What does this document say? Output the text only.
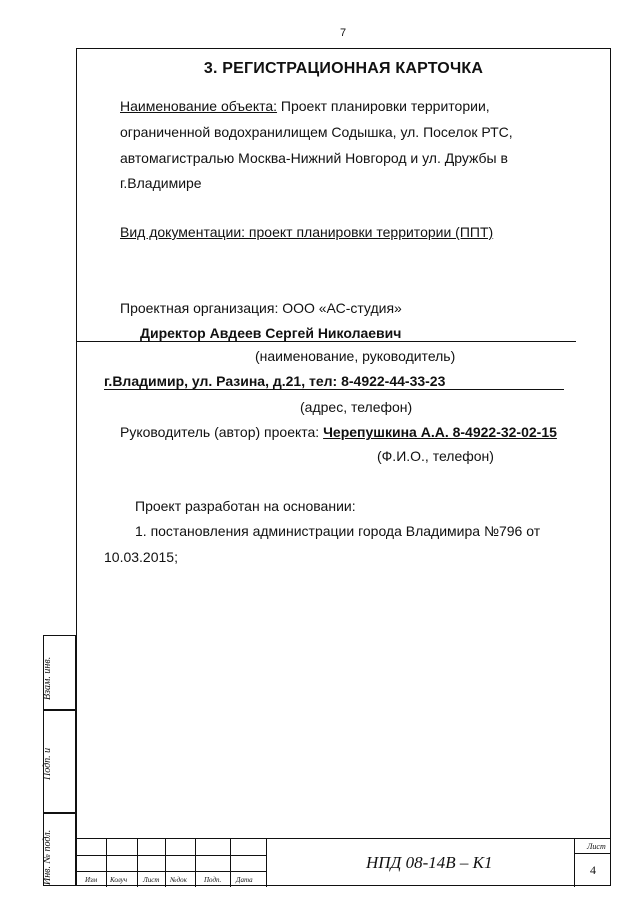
7
3. РЕГИСТРАЦИОННАЯ КАРТОЧКА
Наименование объекта: Проект планировки территории,
ограниченной водохранилищем Содышка, ул. Поселок РТС,
автомагистралью Москва-Нижний Новгород и ул. Дружбы в
г.Владимире
Вид документации: проект планировки территории (ППТ)
Проектная организация: ООО «АС-студия»
Директор Авдеев Сергей Николаевич
(наименование, руководитель)
г.Владимир, ул. Разина, д.21, тел: 8-4922-44-33-23
(адрес, телефон)
Руководитель (автор) проекта: Черепушкина А.А. 8-4922-32-02-15
(Ф.И.О., телефон)
Проект разработан на основании:
1. постановления администрации города Владимира №796 от
10.03.2015;
Взам. инв.
Подп. и
Инв. № подл.	Изм Колуч Лист №док Подп. Дата
НПД 08-14В – К1
Лист
4
